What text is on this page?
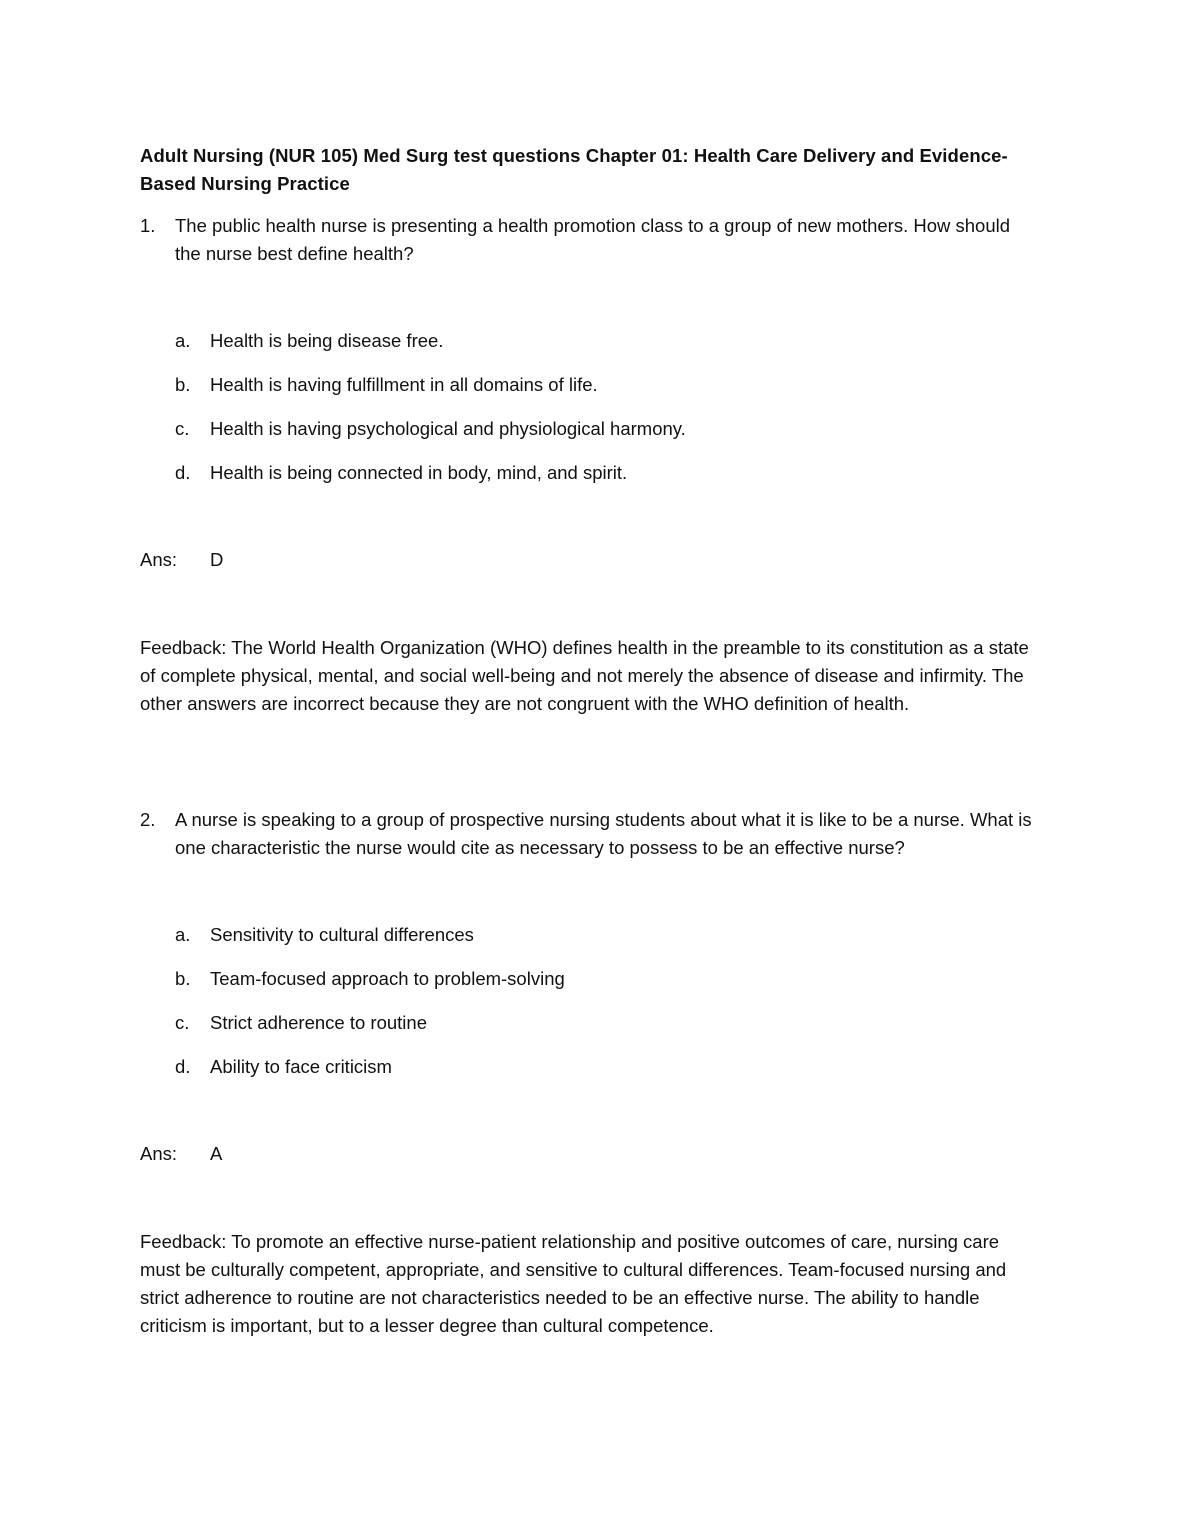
Adult Nursing (NUR 105) Med Surg test questions Chapter 01: Health Care Delivery and Evidence-Based Nursing Practice
1. The public health nurse is presenting a health promotion class to a group of new mothers. How should the nurse best define health?
a. Health is being disease free.
b. Health is having fulfillment in all domains of life.
c. Health is having psychological and physiological harmony.
d. Health is being connected in body, mind, and spirit.
Ans: D
Feedback: The World Health Organization (WHO) defines health in the preamble to its constitution as a state of complete physical, mental, and social well-being and not merely the absence of disease and infirmity. The other answers are incorrect because they are not congruent with the WHO definition of health.
2. A nurse is speaking to a group of prospective nursing students about what it is like to be a nurse. What is one characteristic the nurse would cite as necessary to possess to be an effective nurse?
a. Sensitivity to cultural differences
b. Team-focused approach to problem-solving
c. Strict adherence to routine
d. Ability to face criticism
Ans: A
Feedback: To promote an effective nurse-patient relationship and positive outcomes of care, nursing care must be culturally competent, appropriate, and sensitive to cultural differences. Team-focused nursing and strict adherence to routine are not characteristics needed to be an effective nurse. The ability to handle criticism is important, but to a lesser degree than cultural competence.
